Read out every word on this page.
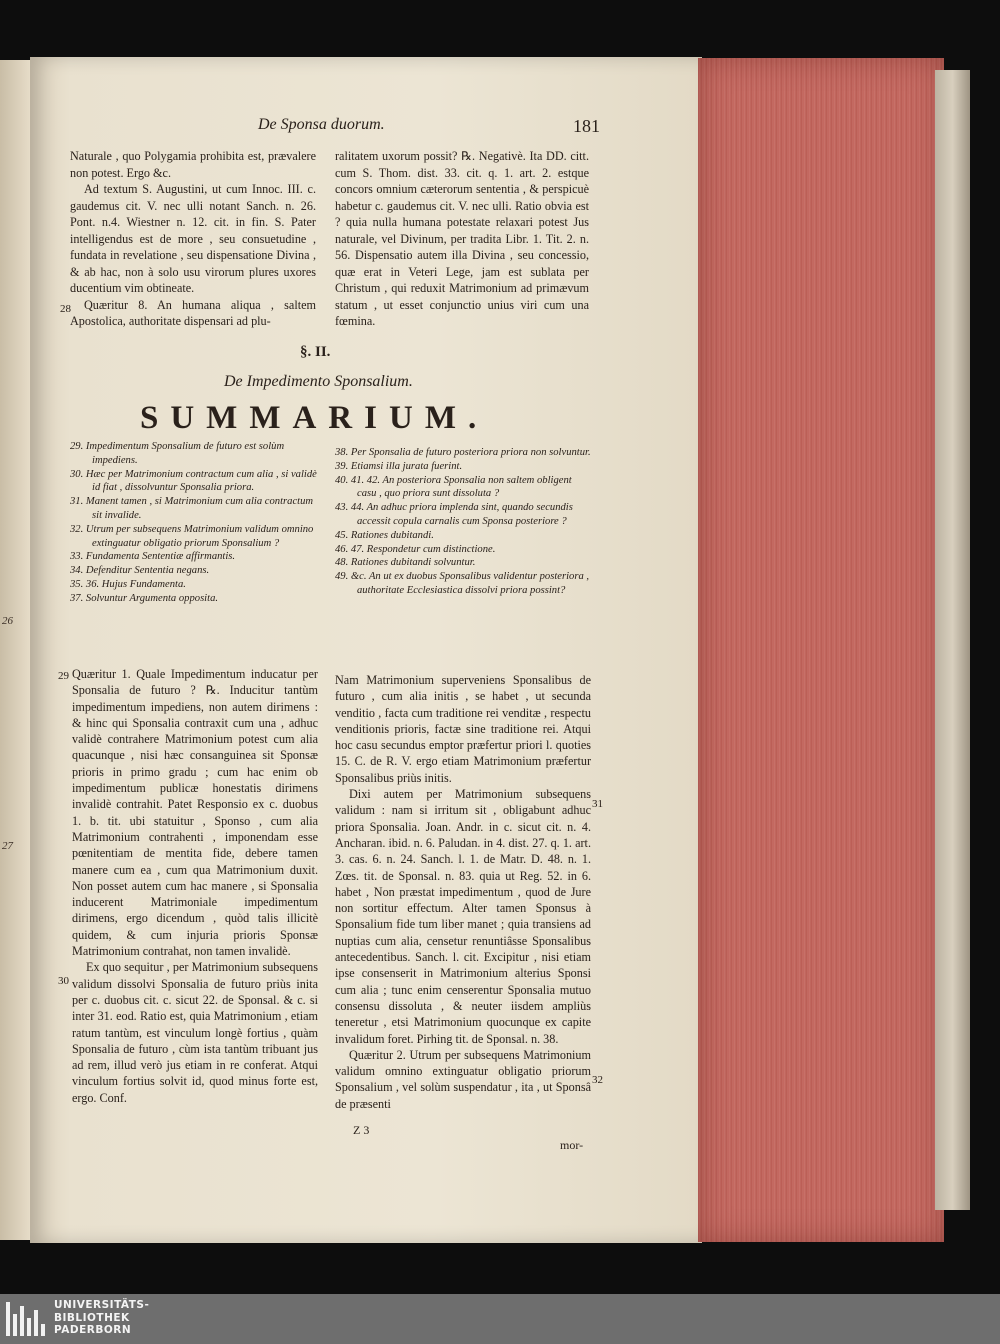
26
27
De Sponsa duorum.	181

Naturale , quo Polygamia prohibita est, prævalere non potest. Ergo &c.

Ad textum S. Augustini, ut cum Innoc. III. c. gaudemus cit. V. nec ulli notant Sanch. n. 26. Pont. n.4. Wiestner n. 12. cit. in fin. S. Pater intelligendus est de more , seu consuetudine , fundata in revelatione , seu dispensatione Divina , & ab hac, non à solo usu virorum plures uxores ducentium vim obtineate.

Quæritur 8. An humana aliqua , saltem Apostolica, authoritate dispensari ad plu-

28

ralitatem uxorum possit? ℞. Negativè. Ita DD. citt. cum S. Thom. dist. 33. cit. q. 1. art. 2. estque concors omnium cæterorum sententia , & perspicuè habetur c. gaudemus cit. V. nec ulli. Ratio obvia est ? quia nulla humana potestate relaxari potest Jus naturale, vel Divinum, per tradita Libr. 1. Tit. 2. n. 56. Dispensatio autem illa Divina , seu concessio, quæ erat in Veteri Lege, jam est sublata per Christum , qui reduxit Matrimonium ad primævum statum , ut esset conjunctio unius viri cum una fœmina.

§. II.
De Impedimento Sponsalium.
SUMMARIUM.
29. Impedimentum Sponsalium de futuro est solùm impediens.
30. Hæc per Matrimonium contractum cum alia , si validè id fiat , dissolvuntur Sponsalia priora.
31. Manent tamen , si Matrimonium cum alia contractum sit invalide.
32. Utrum per subsequens Matrimonium validum omnino extinguatur obligatio priorum Sponsalium ?
33. Fundamenta Sententiæ affirmantis.
34. Defenditur Sententia negans.
35. 36. Hujus Fundamenta.
37. Solvuntur Argumenta opposita.
38. Per Sponsalia de futuro posteriora priora non solvuntur.
39. Etiamsi illa jurata fuerint.
40. 41. 42. An posteriora Sponsalia non saltem obligent casu , quo priora sunt dissoluta ?
43. 44. An adhuc priora implenda sint, quando secundis accessit copula carnalis cum Sponsa posteriore ?
45. Rationes dubitandi.
46. 47. Respondetur cum distinctione.
48. Rationes dubitandi solvuntur.
49. &c. An ut ex duobus Sponsalibus validentur posteriora , authoritate Ecclesiastica dissolvi priora possint?
29
30
31
32

Quæritur 1. Quale Impedimentum inducatur per Sponsalia de futuro ? ℞. Inducitur tantùm impedimentum impediens, non autem dirimens : & hinc qui Sponsalia contraxit cum una , adhuc validè contrahere Matrimonium potest cum alia quacunque , nisi hæc consanguinea sit Sponsæ prioris in primo gradu ; cum hac enim ob impedimentum publicæ honestatis dirimens invalidè contrahit. Patet Responsio ex c. duobus 1. b. tit. ubi statuitur , Sponso , cum alia Matrimonium contrahenti , imponendam esse pœnitentiam de mentita fide, debere tamen manere cum ea , cum qua Matrimonium duxit. Non posset autem cum hac manere , si Sponsalia inducerent Matrimoniale impedimentum dirimens, ergo dicendum , quòd talis illicitè quidem, & cum injuria prioris Sponsæ Matrimonium contrahat, non tamen invalidè.

Ex quo sequitur , per Matrimonium subsequens validum dissolvi Sponsalia de futuro priùs inita per c. duobus cit. c. sicut 22. de Sponsal. & c. si inter 31. eod. Ratio est, quia Matrimonium , etiam ratum tantùm, est vinculum longè fortius , quàm Sponsalia de futuro , cùm ista tantùm tribuant jus ad rem, illud verò jus etiam in re conferat. Atqui vinculum fortius solvit id, quod minus forte est, ergo. Conf.

Nam Matrimonium superveniens Sponsalibus de futuro , cum alia initis , se habet , ut secunda venditio , facta cum traditione rei venditæ , respectu venditionis prioris, factæ sine traditione rei. Atqui hoc casu secundus emptor præfertur priori l. quoties 15. C. de R. V. ergo etiam Matrimonium præfertur Sponsalibus priùs initis.

Dixi autem per Matrimonium subsequens validum : nam si irritum sit , obligabunt adhuc priora Sponsalia. Joan. Andr. in c. sicut cit. n. 4. Ancharan. ibid. n. 6. Paludan. in 4. dist. 27. q. 1. art. 3. cas. 6. n. 24. Sanch. l. 1. de Matr. D. 48. n. 1. Zœs. tit. de Sponsal. n. 83. quia ut Reg. 52. in 6. habet , Non præstat impedimentum , quod de Jure non sortitur effectum. Alter tamen Sponsus à Sponsalium fide tum liber manet ; quia transiens ad nuptias cum alia, censetur renuntiâsse Sponsalibus antecedentibus. Sanch. l. cit. Excipitur , nisi etiam ipse consenserit in Matrimonium alterius Sponsi cum alia ; tunc enim censerentur Sponsalia mutuo consensu dissoluta , & neuter iisdem ampliùs teneretur , etsi Matrimonium quocunque ex capite invalidum foret. Pirhing tit. de Sponsal. n. 38.

Quæritur 2. Utrum per subsequens Matrimonium validum omnino extinguatur obligatio priorum Sponsalium , vel solùm suspendatur , ita , ut Sponsâ de præsenti

Z 3
mor-
UNIVERSITÄTS-
BIBLIOTHEK
PADERBORN
